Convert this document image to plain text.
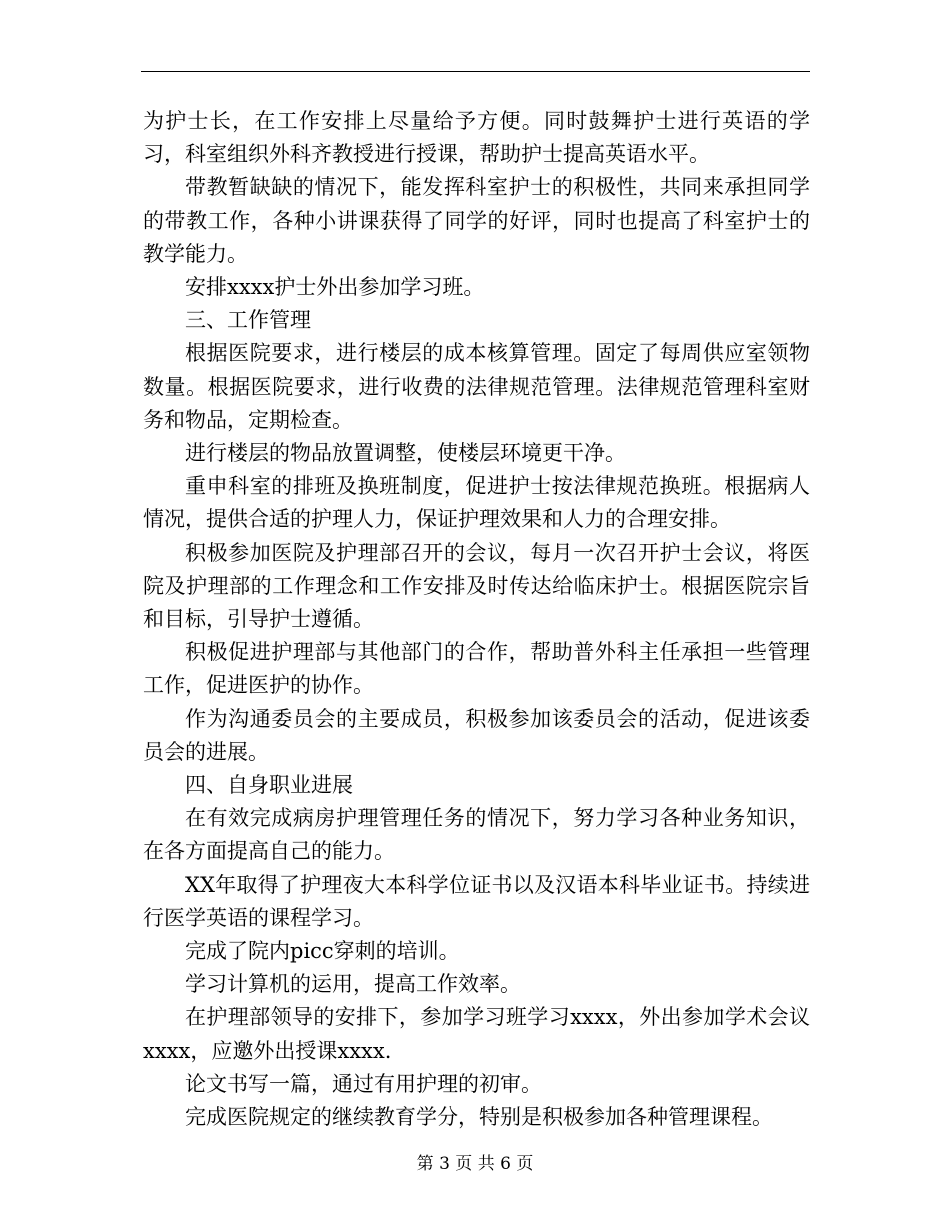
为护士长，在工作安排上尽量给予方便。同时鼓舞护士进行英语的学习，科室组织外科齐教授进行授课，帮助护士提高英语水平。

带教暂缺缺的情况下，能发挥科室护士的积极性，共同来承担同学的带教工作，各种小讲课获得了同学的好评，同时也提高了科室护士的教学能力。

安排xxxx护士外出参加学习班。

三、工作管理

根据医院要求，进行楼层的成本核算管理。固定了每周供应室领物数量。根据医院要求，进行收费的法律规范管理。法律规范管理科室财务和物品，定期检查。

进行楼层的物品放置调整，使楼层环境更干净。

重申科室的排班及换班制度，促进护士按法律规范换班。根据病人情况，提供合适的护理人力，保证护理效果和人力的合理安排。

积极参加医院及护理部召开的会议，每月一次召开护士会议，将医院及护理部的工作理念和工作安排及时传达给临床护士。根据医院宗旨和目标，引导护士遵循。

积极促进护理部与其他部门的合作，帮助普外科主任承担一些管理工作，促进医护的协作。

作为沟通委员会的主要成员，积极参加该委员会的活动，促进该委员会的进展。

四、自身职业进展

在有效完成病房护理管理任务的情况下，努力学习各种业务知识，在各方面提高自己的能力。

XX年取得了护理夜大本科学位证书以及汉语本科毕业证书。持续进行医学英语的课程学习。

完成了院内picc穿刺的培训。

学习计算机的运用，提高工作效率。

在护理部领导的安排下，参加学习班学习xxxx，外出参加学术会议xxxx，应邀外出授课xxxx.

论文书写一篇，通过有用护理的初审。

完成医院规定的继续教育学分，特别是积极参加各种管理课程。

第 3 页 共 6 页
